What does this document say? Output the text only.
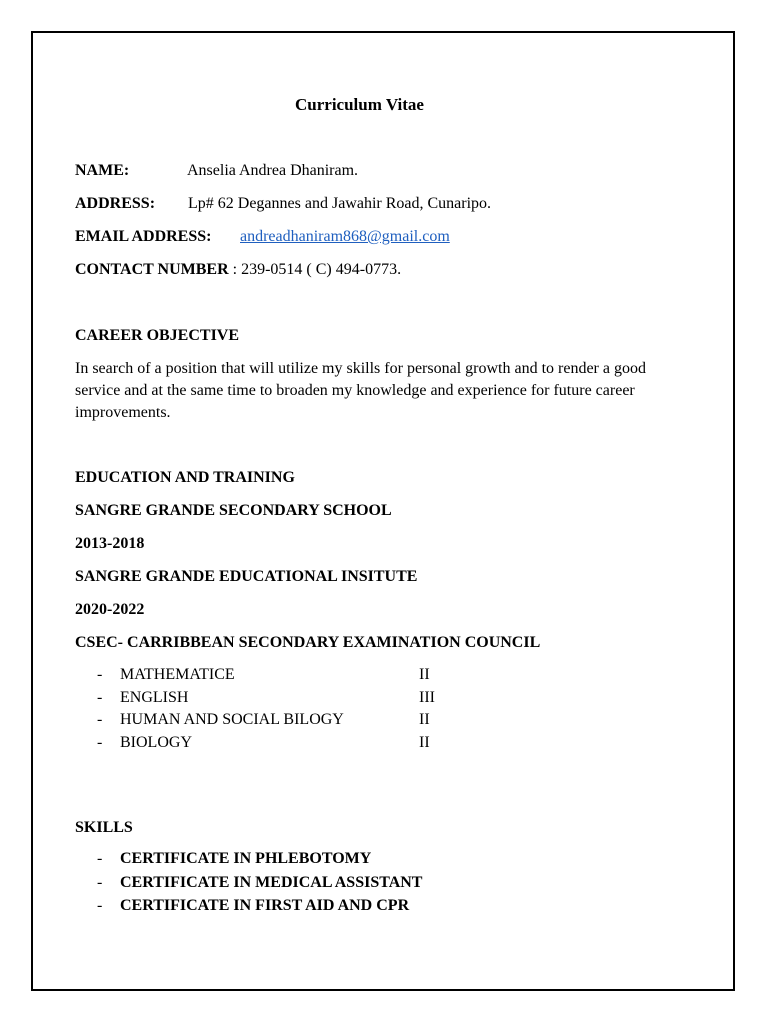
Curriculum Vitae
NAME:	Anselia Andrea Dhaniram.
ADDRESS: Lp# 62 Degannes and Jawahir Road, Cunaripo.
EMAIL ADDRESS: andreadhaniram868@gmail.com
CONTACT NUMBER : 239-0514 ( C) 494-0773.
CAREER OBJECTIVE
In search of a position that will utilize my skills for personal growth and to render a good service and at the same time to broaden my knowledge and experience for future career improvements.
EDUCATION AND TRAINING
SANGRE GRANDE SECONDARY SCHOOL
2013-2018
SANGRE GRANDE EDUCATIONAL INSITUTE
2020-2022
CSEC- CARRIBBEAN SECONDARY EXAMINATION COUNCIL
- MATHEMATICE	II
- ENGLISH	III
- HUMAN AND SOCIAL BILOGY	II
- BIOLOGY	II
SKILLS
- CERTIFICATE IN PHLEBOTOMY
- CERTIFICATE IN MEDICAL ASSISTANT
- CERTIFICATE IN FIRST AID AND CPR
